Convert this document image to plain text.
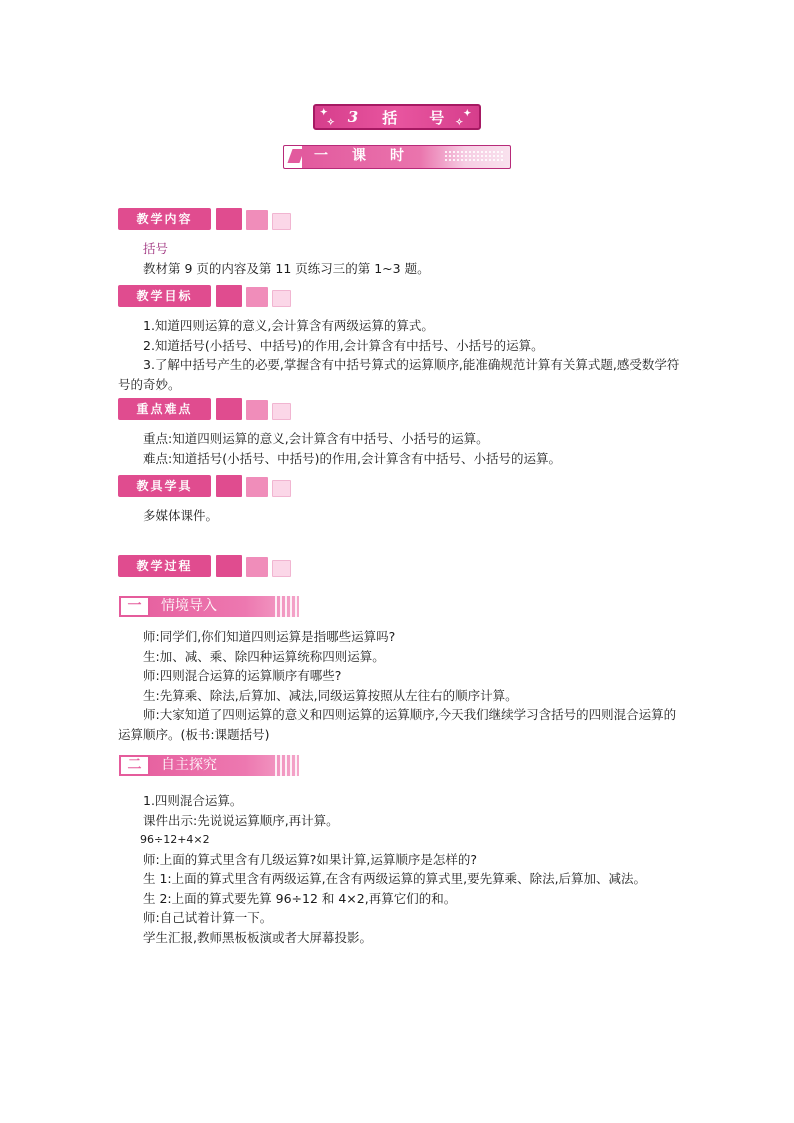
✦
✧
✦
✧
3 括 号
一 课 时
教学内容

括号

教材第 9 页的内容及第 11 页练习三的第 1~3 题。

教学目标

1.知道四则运算的意义,会计算含有两级运算的算式。

2.知道括号(小括号、中括号)的作用,会计算含有中括号、小括号的运算。

3.了解中括号产生的必要,掌握含有中括号算式的运算顺序,能准确规范计算有关算式题,感受数学符号的奇妙。

重点难点

重点:知道四则运算的意义,会计算含有中括号、小括号的运算。

难点:知道括号(小括号、中括号)的作用,会计算含有中括号、小括号的运算。

教具学具

多媒体课件。

教学过程
一	情境导入

师:同学们,你们知道四则运算是指哪些运算吗?

生:加、减、乘、除四种运算统称四则运算。

师:四则混合运算的运算顺序有哪些?

生:先算乘、除法,后算加、减法,同级运算按照从左往右的顺序计算。

师:大家知道了四则运算的意义和四则运算的运算顺序,今天我们继续学习含括号的四则混合运算的运算顺序。(板书:课题括号)

二	自主探究

1.四则混合运算。

课件出示:先说说运算顺序,再计算。

96÷12+4×2

师:上面的算式里含有几级运算?如果计算,运算顺序是怎样的?

生 1:上面的算式里含有两级运算,在含有两级运算的算式里,要先算乘、除法,后算加、减法。

生 2:上面的算式要先算 96÷12 和 4×2,再算它们的和。

师:自己试着计算一下。

学生汇报,教师黑板板演或者大屏幕投影。
